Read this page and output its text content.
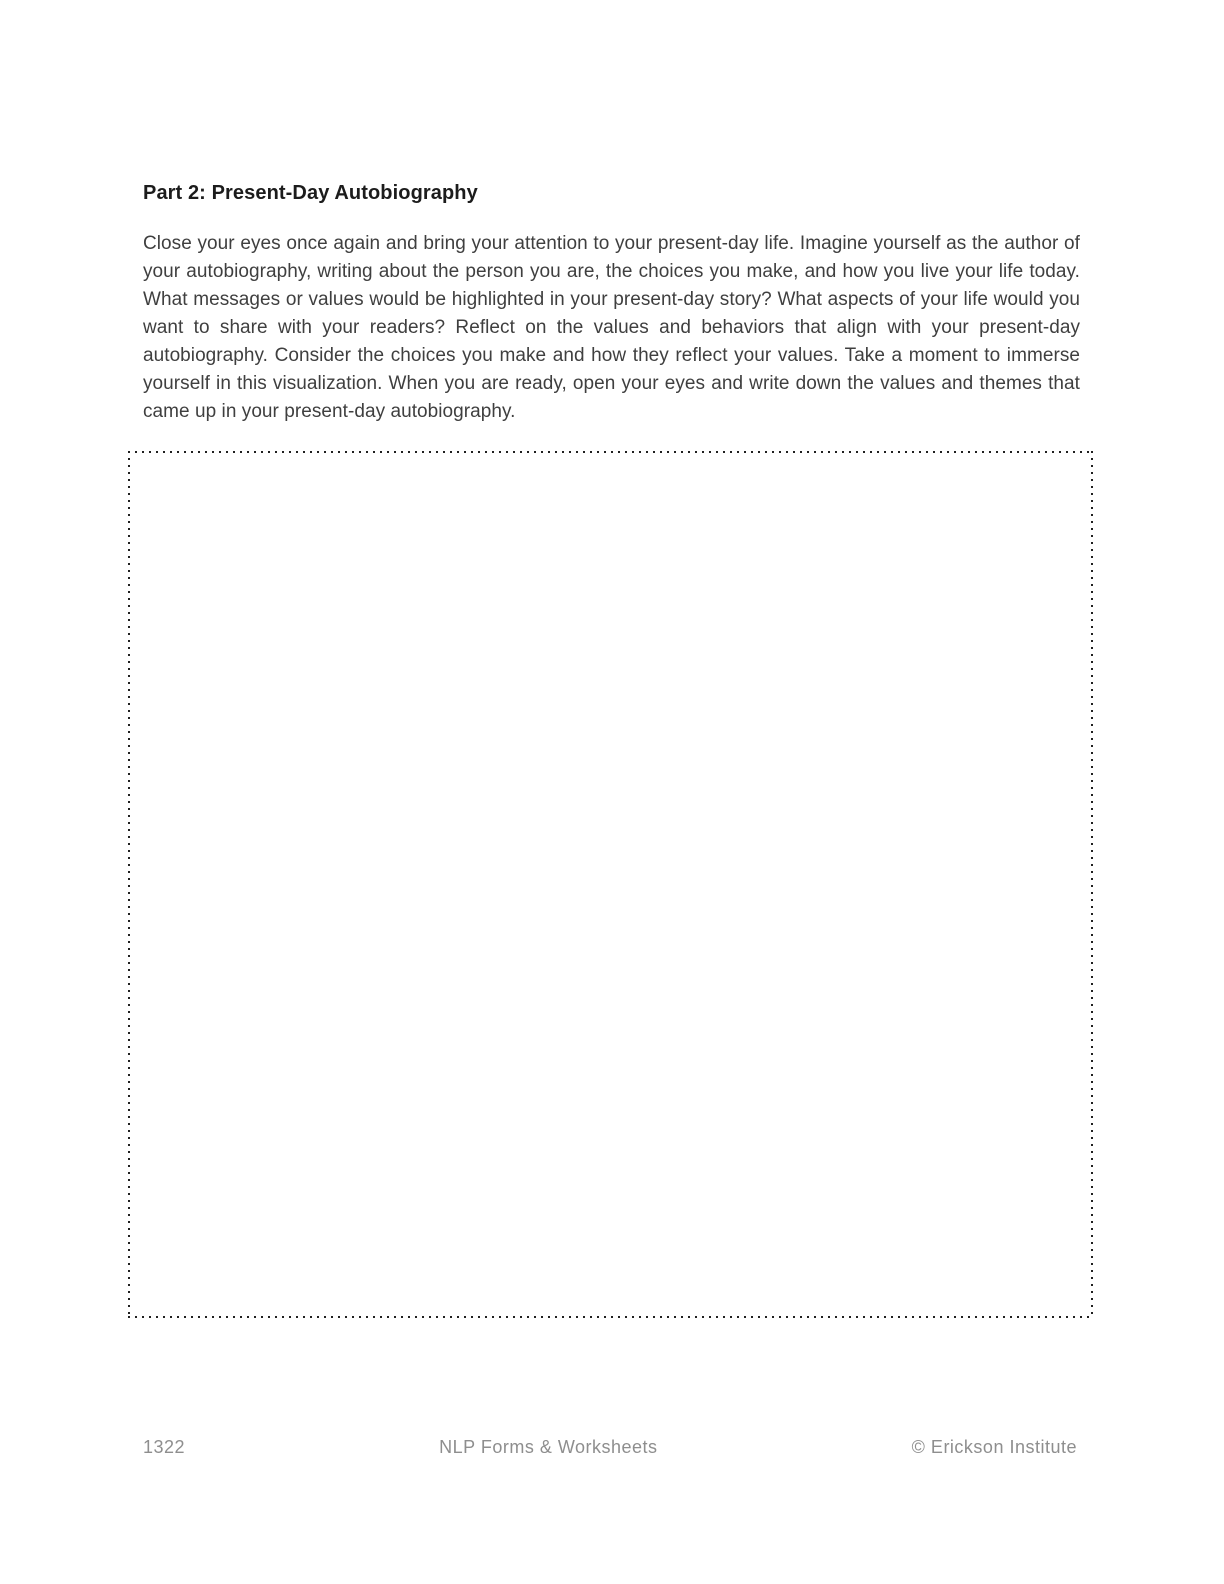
Part 2: Present-Day Autobiography

Close your eyes once again and bring your attention to your present-day life. Imagine yourself as the author of your autobiography, writing about the person you are, the choices you make, and how you live your life today. What messages or values would be highlighted in your present-day story? What aspects of your life would you want to share with your readers? Reflect on the values and behaviors that align with your present-day autobiography. Consider the choices you make and how they reflect your values. Take a moment to immerse yourself in this visualization. When you are ready, open your eyes and write down the values and themes that came up in your present-day autobiography.

1322	NLP Forms & Worksheets	© Erickson Institute
